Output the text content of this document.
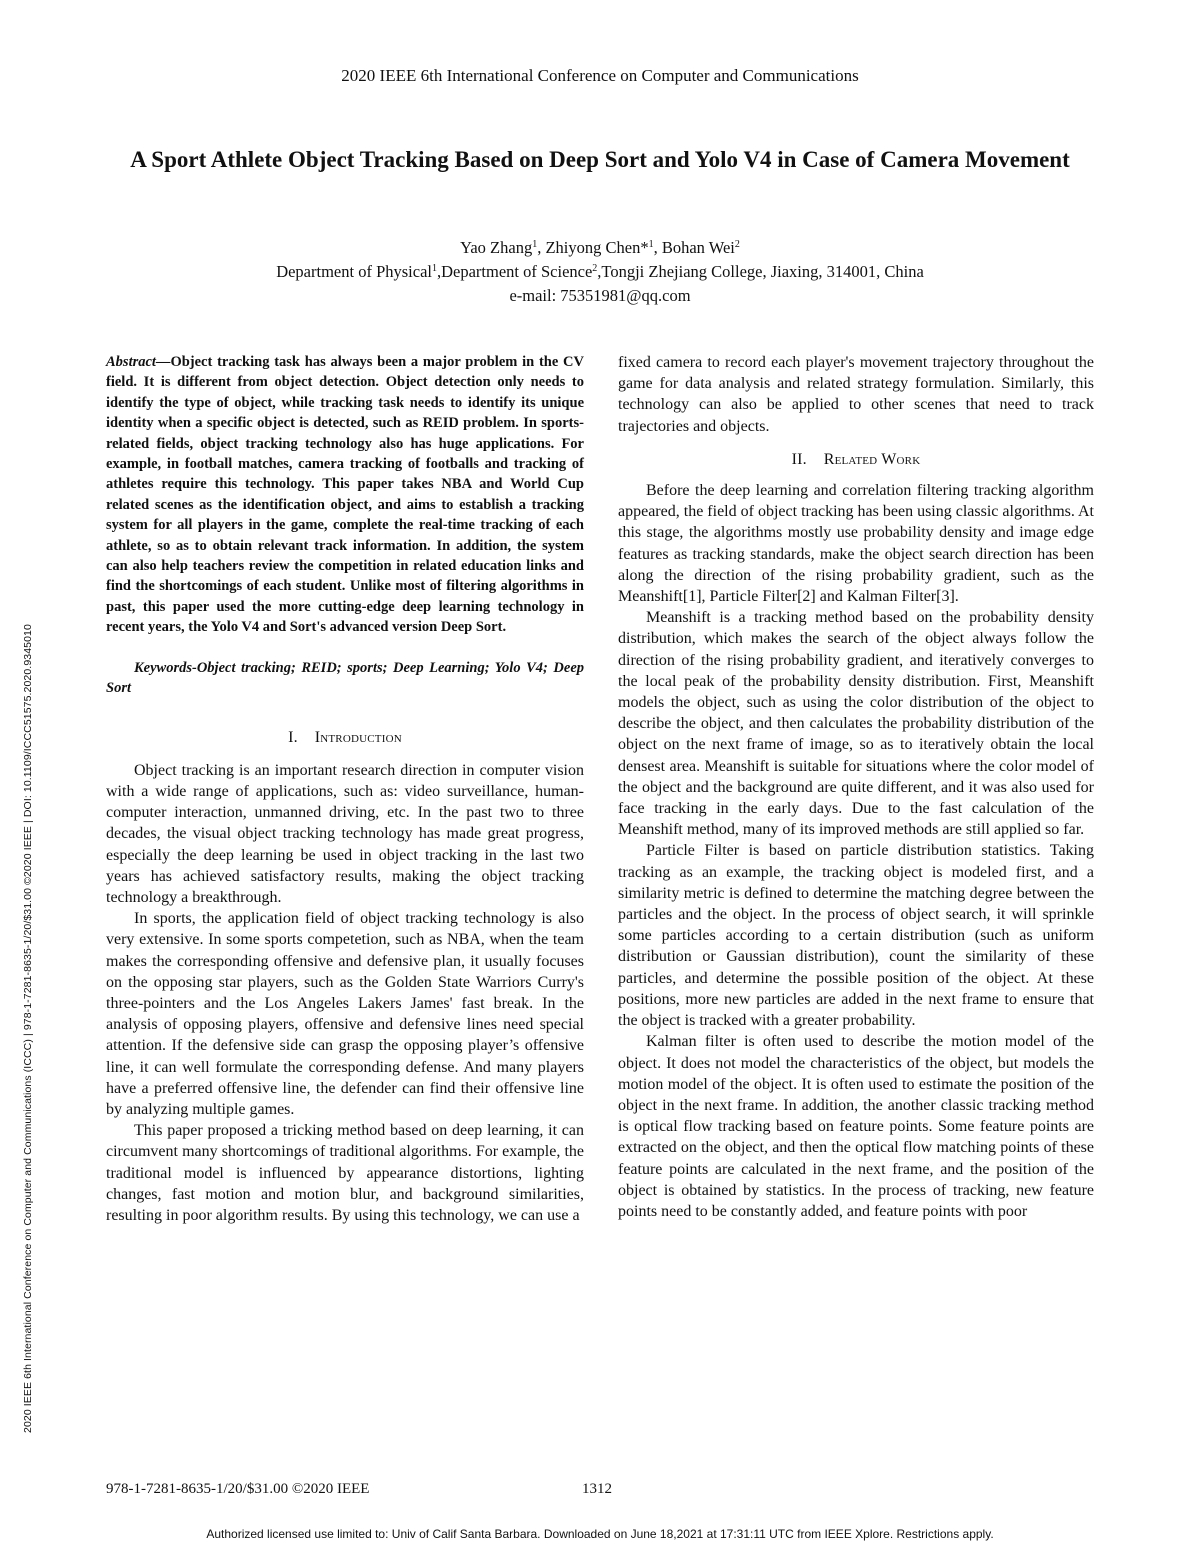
2020 IEEE 6th International Conference on Computer and Communications
A Sport Athlete Object Tracking Based on Deep Sort and Yolo V4 in Case of Camera Movement
Yao Zhang$^1$, Zhiyong Chen*$^1$, Bohan Wei$^2$
Department of Physical$^1$,Department of Science$^2$,Tongji Zhejiang College, Jiaxing, 314001, China
e-mail: 75351981@qq.com
2020 IEEE 6th International Conference on Computer and Communications (ICCC) | 978-1-7281-8635-1/20/$31.00 ©2020 IEEE | DOI: 10.1109/ICCC51575.2020.9345010

Abstract—Object tracking task has always been a major problem in the CV field. It is different from object detection. Object detection only needs to identify the type of object, while tracking task needs to identify its unique identity when a specific object is detected, such as REID problem. In sports-related fields, object tracking technology also has huge applications. For example, in football matches, camera tracking of footballs and tracking of athletes require this technology. This paper takes NBA and World Cup related scenes as the identification object, and aims to establish a tracking system for all players in the game, complete the real-time tracking of each athlete, so as to obtain relevant track information. In addition, the system can also help teachers review the competition in related education links and find the shortcomings of each student. Unlike most of filtering algorithms in past, this paper used the more cutting-edge deep learning technology in recent years, the Yolo V4 and Sort's advanced version Deep Sort.

Keywords-Object tracking; REID; sports; Deep Learning; Yolo V4; Deep Sort

I. Introduction

Object tracking is an important research direction in computer vision with a wide range of applications, such as: video surveillance, human-computer interaction, unmanned driving, etc. In the past two to three decades, the visual object tracking technology has made great progress, especially the deep learning be used in object tracking in the last two years has achieved satisfactory results, making the object tracking technology a breakthrough.

In sports, the application field of object tracking technology is also very extensive. In some sports competetion, such as NBA, when the team makes the corresponding offensive and defensive plan, it usually focuses on the opposing star players, such as the Golden State Warriors Curry's three-pointers and the Los Angeles Lakers James' fast break. In the analysis of opposing players, offensive and defensive lines need special attention. If the defensive side can grasp the opposing player’s offensive line, it can well formulate the corresponding defense. And many players have a preferred offensive line, the defender can find their offensive line by analyzing multiple games.

This paper proposed a tricking method based on deep learning, it can circumvent many shortcomings of traditional algorithms. For example, the traditional model is influenced by appearance distortions, lighting changes, fast motion and motion blur, and background similarities, resulting in poor algorithm results. By using this technology, we can use a

fixed camera to record each player's movement trajectory throughout the game for data analysis and related strategy formulation. Similarly, this technology can also be applied to other scenes that need to track trajectories and objects.

II. Related Work

Before the deep learning and correlation filtering tracking algorithm appeared, the field of object tracking has been using classic algorithms. At this stage, the algorithms mostly use probability density and image edge features as tracking standards, make the object search direction has been along the direction of the rising probability gradient, such as the Meanshift[1], Particle Filter[2] and Kalman Filter[3].

Meanshift is a tracking method based on the probability density distribution, which makes the search of the object always follow the direction of the rising probability gradient, and iteratively converges to the local peak of the probability density distribution. First, Meanshift models the object, such as using the color distribution of the object to describe the object, and then calculates the probability distribution of the object on the next frame of image, so as to iteratively obtain the local densest area. Meanshift is suitable for situations where the color model of the object and the background are quite different, and it was also used for face tracking in the early days. Due to the fast calculation of the Meanshift method, many of its improved methods are still applied so far.

Particle Filter is based on particle distribution statistics. Taking tracking as an example, the tracking object is modeled first, and a similarity metric is defined to determine the matching degree between the particles and the object. In the process of object search, it will sprinkle some particles according to a certain distribution (such as uniform distribution or Gaussian distribution), count the similarity of these particles, and determine the possible position of the object. At these positions, more new particles are added in the next frame to ensure that the object is tracked with a greater probability.

Kalman filter is often used to describe the motion model of the object. It does not model the characteristics of the object, but models the motion model of the object. It is often used to estimate the position of the object in the next frame. In addition, the another classic tracking method is optical flow tracking based on feature points. Some feature points are extracted on the object, and then the optical flow matching points of these feature points are calculated in the next frame, and the position of the object is obtained by statistics. In the process of tracking, new feature points need to be constantly added, and feature points with poor

978-1-7281-8635-1/20/$31.00 ©2020 IEEE	1312
Authorized licensed use limited to: Univ of Calif Santa Barbara. Downloaded on June 18,2021 at 17:31:11 UTC from IEEE Xplore. Restrictions apply.
